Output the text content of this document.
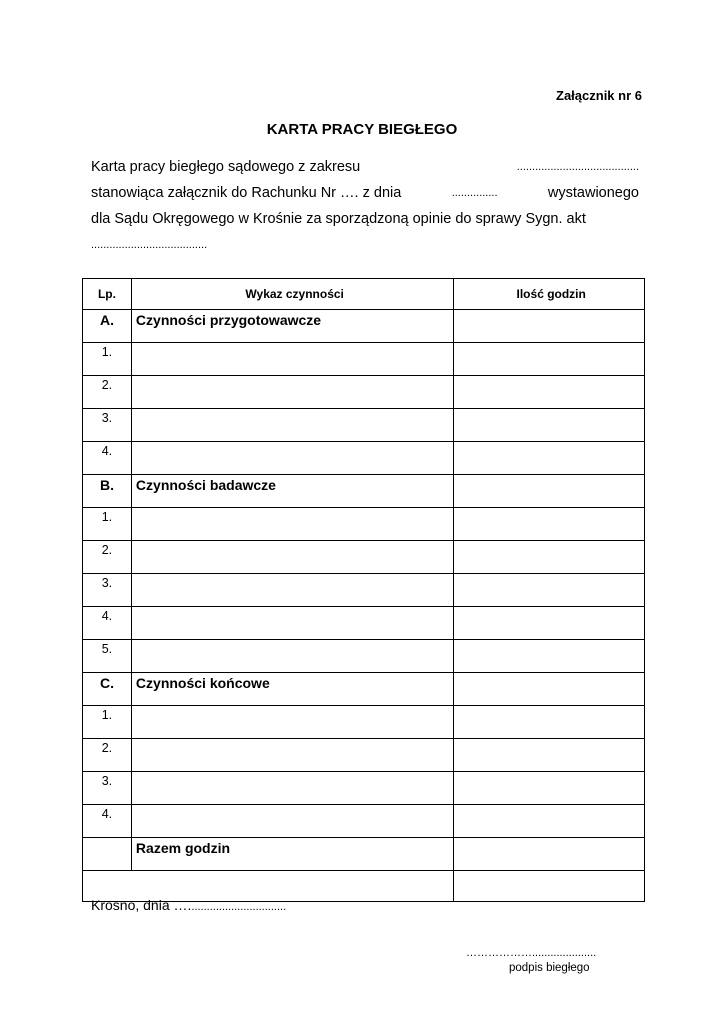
Załącznik nr 6
KARTA PRACY BIEGŁEGO
Karta pracy biegłego sądowego z zakresu	........................................
stanowiąca załącznik do Rachunku Nr …. z dnia	...............	wystawionego
dla Sądu Okręgowego w Krośnie za sporządzoną opinie do sprawy Sygn. akt
......................................
Lp.	Wykaz czynności	Ilość godzin
A.	Czynności przygotowawcze	
1.		
2.		
3.		
4.		
B.	Czynności badawcze	
1.		
2.		
3.		
4.		
5.		
C.	Czynności końcowe	
1.		
2.		
3.		
4.		
	Razem godzin	

Krosno, dnia …................................
……………….....................
podpis biegłego
